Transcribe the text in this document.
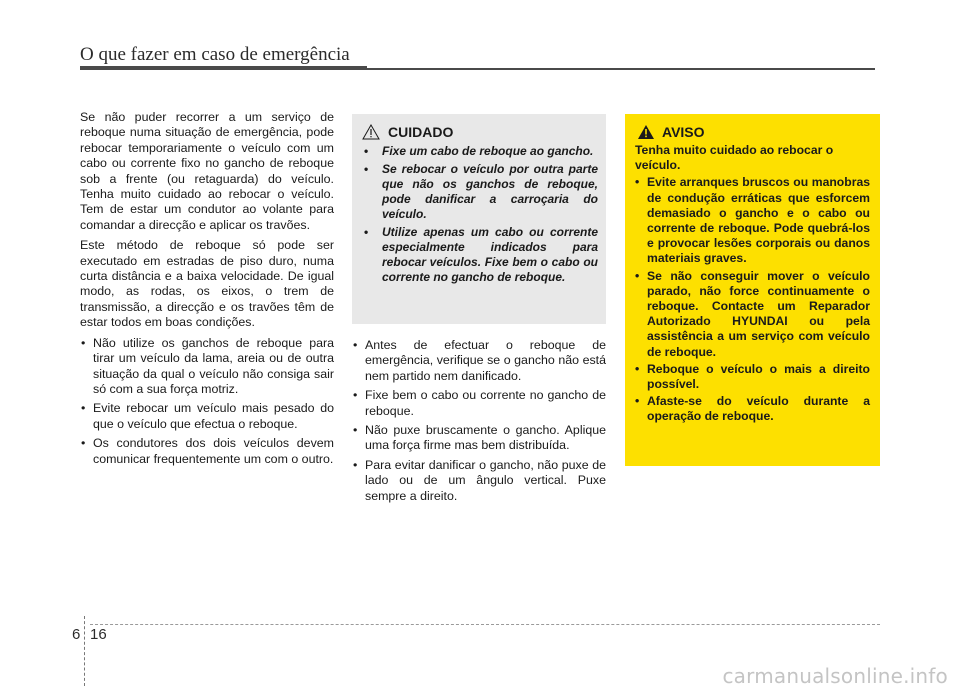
O que fazer em caso de emergência

Se não puder recorrer a um serviço de reboque numa situação de emergência, pode rebocar temporariamente o veículo com um cabo ou corrente fixo no gancho de reboque sob a frente (ou retaguarda) do veículo. Tenha muito cuidado ao rebocar o veículo. Tem de estar um condutor ao volante para comandar a direcção e aplicar os travões.

Este método de reboque só pode ser executado em estradas de piso duro, numa curta distância e a baixa velocidade. De igual modo, as rodas, os eixos, o trem de transmissão, a direcção e os travões têm de estar todos em boas condições.

• Não utilize os ganchos de reboque para tirar um veículo da lama, areia ou de outra situação da qual o veículo não consiga sair só com a sua força motriz.
• Evite rebocar um veículo mais pesado do que o veículo que efectua o reboque.
• Os condutores dos dois veículos devem comunicar frequentemente um com o outro.
CUIDADO
• Fixe um cabo de reboque ao gancho.
• Se rebocar o veículo por outra parte que não os ganchos de reboque, pode danificar a carroçaria do veículo.
• Utilize apenas um cabo ou corrente especialmente indicados para rebocar veículos. Fixe bem o cabo ou corrente no gancho de reboque.
• Antes de efectuar o reboque de emergência, verifique se o gancho não está nem partido nem danificado.
• Fixe bem o cabo ou corrente no gancho de reboque.
• Não puxe bruscamente o gancho. Aplique uma força firme mas bem distribuída.
• Para evitar danificar o gancho, não puxe de lado ou de um ângulo vertical. Puxe sempre a direito.
AVISO
Tenha muito cuidado ao rebocar o veículo.
• Evite arranques bruscos ou manobras de condução erráticas que esforcem demasiado o gancho e o cabo ou corrente de reboque. Pode quebrá-los e provocar lesões corporais ou danos materiais graves.
• Se não conseguir mover o veículo parado, não force continuamente o reboque. Contacte um Reparador Autorizado HYUNDAI ou pela assistência a um serviço com veículo de reboque.
• Reboque o veículo o mais a direito possível.
• Afaste-se do veículo durante a operação de reboque.
6 16
carmanualsonline.info
